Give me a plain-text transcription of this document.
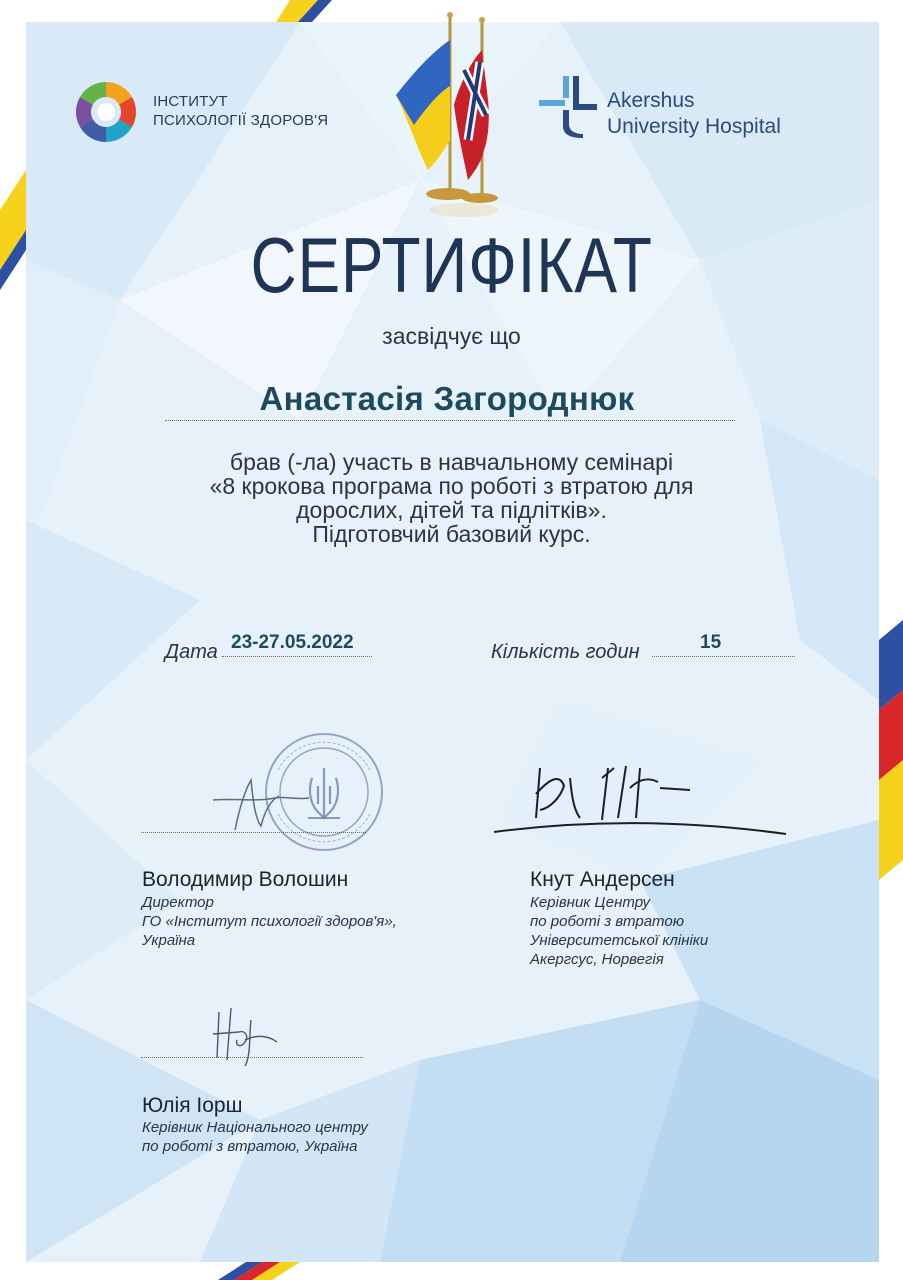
ІНСТИТУТ
ПСИХОЛОГІЇ ЗДОРОВ'Я
Akershus
University Hospital
СЕРТИФІКАТ
засвідчує що
Анастасія Загороднюк
брав (-ла) участь в навчальному семінарі
«8 крокова програма по роботі з втратою для
дорослих, дітей та підлітків».
Підготовчий базовий курс.
Дата 23-27.05.2022	Кількість годин	15
Володимир Волошин
Директор
ГО «Інститут психології здоров'я»,
Україна
Кнут Андерсен
Керівник Центру
по роботі з втратою
Університетської клініки
Акергсус, Норвегія
Юлія Іорш
Керівник Національного центру
по роботі з втратою, Україна
